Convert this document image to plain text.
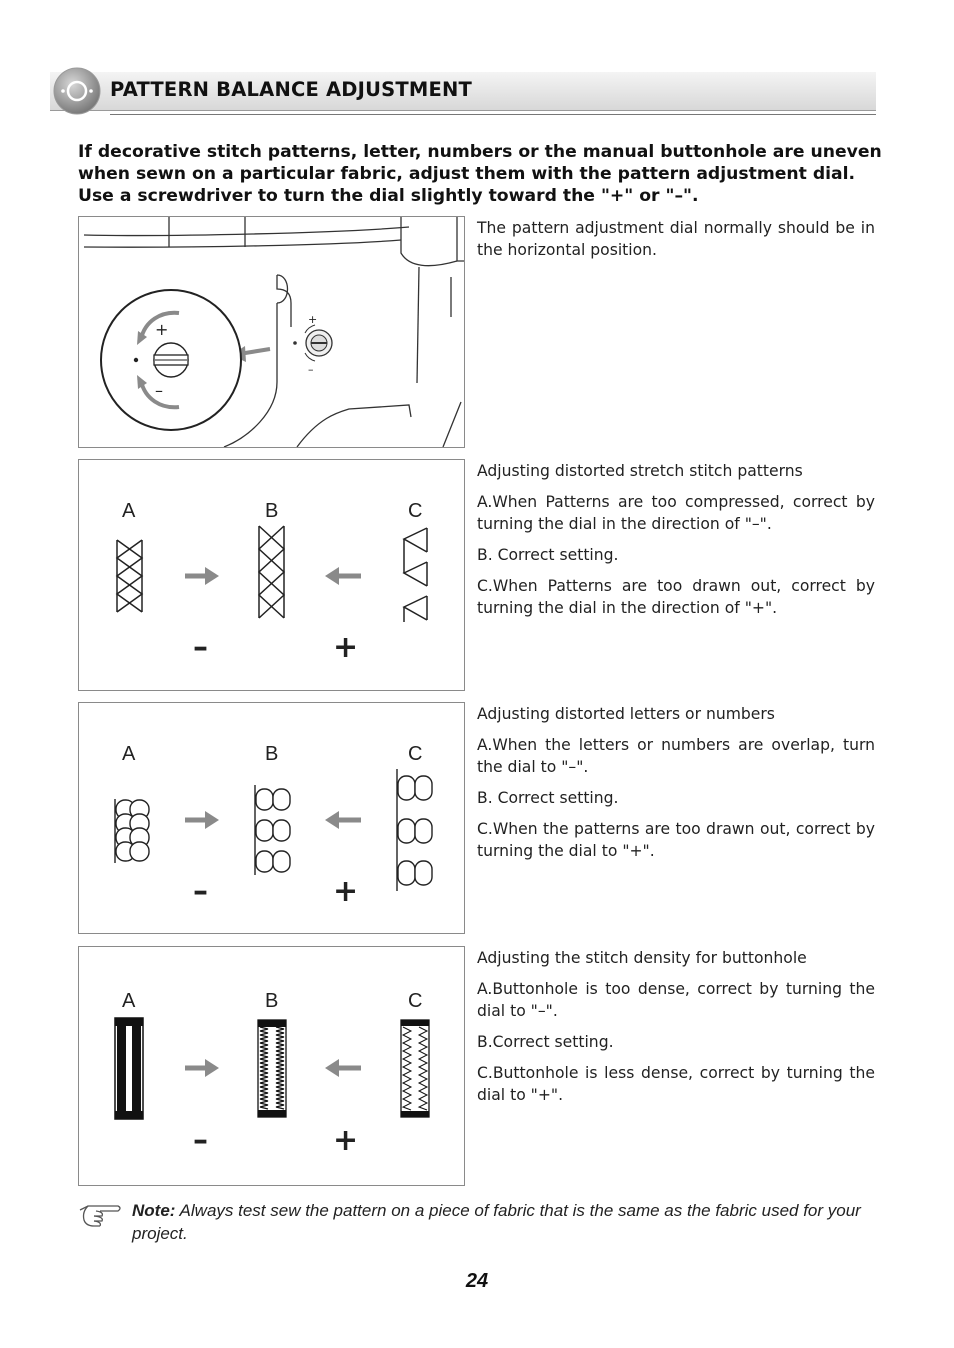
PATTERN BALANCE ADJUSTMENT
If decorative stitch patterns, letter, numbers or the manual buttonhole are uneven
when sewn on a particular fabric, adjust them with the pattern adjustment dial.
Use a screwdriver to turn the dial slightly toward the "+" or "–".
+
–
+
–

The pattern adjustment dial normally should be in the horizontal position.

A	B	C
–	+

Adjusting distorted stretch stitch patterns

A.When Patterns are too compressed, correct by turning the dial in the direction of "–".

B. Correct setting.

C.When Patterns are too drawn out, correct by turning the dial in the direction of "+".

A	B	C
–	+

Adjusting distorted letters or numbers

A.When the letters or numbers are overlap, turn the dial to "–".

B. Correct setting.

C.When the patterns are too drawn out, correct by turning the dial to "+".

A	B	C
–	+

Adjusting the stitch density for buttonhole

A.Buttonhole is too dense, correct by turning the dial to "–".

B.Correct setting.

C.Buttonhole is less dense, correct by turning the dial to "+".

Note: Always test sew the pattern on a piece of fabric that is the same as the fabric used for your project.
24
